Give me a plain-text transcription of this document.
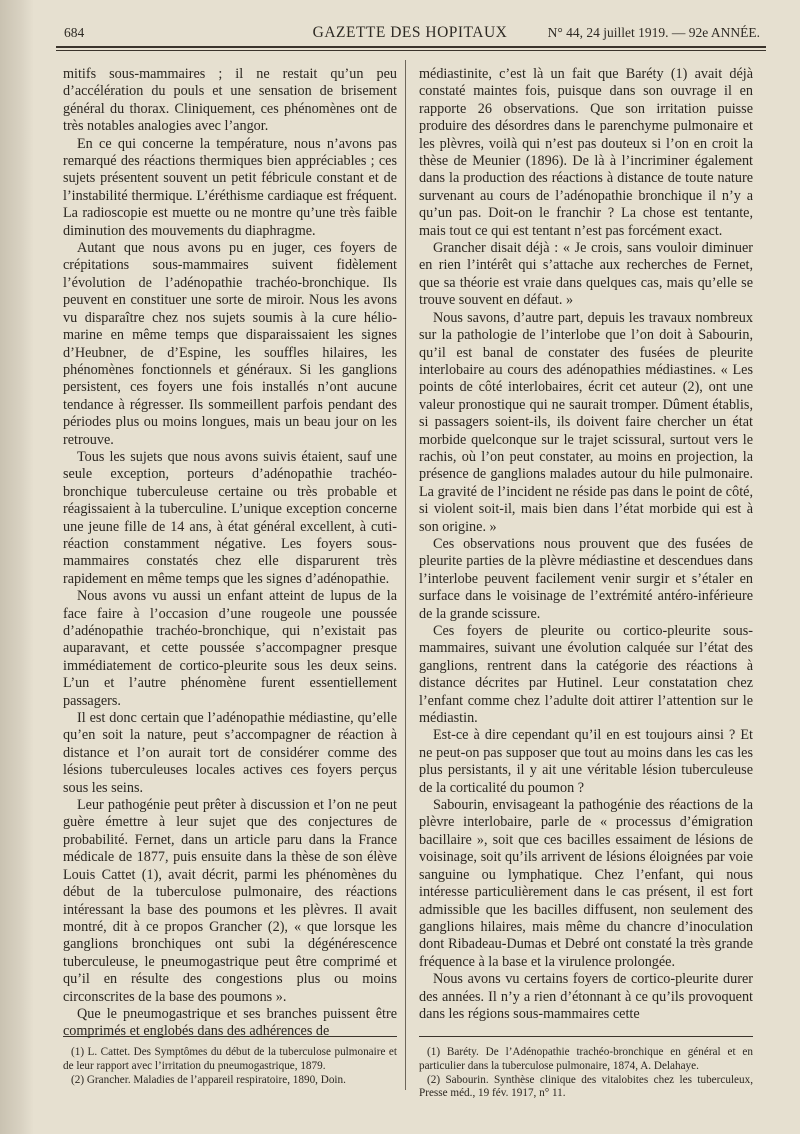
684	GAZETTE DES HOPITAUX	N° 44, 24 juillet 1919. — 92e ANNÉE.

mitifs sous-mammaires ; il ne restait qu’un peu d’accélération du pouls et une sensation de brisement général du thorax. Cliniquement, ces phénomènes ont de très notables analogies avec l’angor.

En ce qui concerne la température, nous n’avons pas remarqué des réactions thermiques bien appréciables ; ces sujets présentent souvent un petit fébricule constant et de l’instabilité thermique. L’éréthisme cardiaque est fréquent. La radioscopie est muette ou ne montre qu’une très faible diminution des mouvements du diaphragme.

Autant que nous avons pu en juger, ces foyers de crépitations sous-mammaires suivent fidèlement l’évolution de l’adénopathie trachéo-bronchique. Ils peuvent en constituer une sorte de miroir. Nous les avons vu disparaître chez nos sujets soumis à la cure hélio-marine en même temps que disparaissaient les signes d’Heubner, de d’Espine, les souffles hilaires, les phénomènes fonctionnels et généraux. Si les ganglions persistent, ces foyers une fois installés n’ont aucune tendance à régresser. Ils sommeillent parfois pendant des périodes plus ou moins longues, mais un beau jour on les retrouve.

Tous les sujets que nous avons suivis étaient, sauf une seule exception, porteurs d’adénopathie trachéo-bronchique tuberculeuse certaine ou très probable et réagissaient à la tuberculine. L’unique exception concerne une jeune fille de 14 ans, à état général excellent, à cuti-réaction constamment négative. Les foyers sous-mammaires constatés chez elle disparurent très rapidement en même temps que les signes d’adénopathie.

Nous avons vu aussi un enfant atteint de lupus de la face faire à l’occasion d’une rougeole une poussée d’adénopathie trachéo-bronchique, qui n’existait pas auparavant, et cette poussée s’accompagner presque immédiatement de cortico-pleurite sous les deux seins. L’un et l’autre phénomène furent essentiellement passagers.

Il est donc certain que l’adénopathie médiastine, qu’elle qu’en soit la nature, peut s’accompagner de réaction à distance et l’on aurait tort de considérer comme des lésions tuberculeuses locales actives ces foyers perçus sous les seins.

Leur pathogénie peut prêter à discussion et l’on ne peut guère émettre à leur sujet que des conjectures de probabilité. Fernet, dans un article paru dans la France médicale de 1877, puis ensuite dans la thèse de son élève Louis Cattet (1), avait décrit, parmi les phénomènes du début de la tuberculose pulmonaire, des réactions intéressant la base des poumons et les plèvres. Il avait montré, dit à ce propos Grancher (2), « que lorsque les ganglions bronchiques ont subi la dégénérescence tuberculeuse, le pneumogastrique peut être comprimé et qu’il en résulte des congestions plus ou moins circonscrites de la base des poumons ».

Que le pneumogastrique et ses branches puissent être comprimés et englobés dans des adhérences de

médiastinite, c’est là un fait que Baréty (1) avait déjà constaté maintes fois, puisque dans son ouvrage il en rapporte 26 observations. Que son irritation puisse produire des désordres dans le parenchyme pulmonaire et les plèvres, voilà qui n’est pas douteux si l’on en croit la thèse de Meunier (1896). De là à l’incriminer également dans la production des réactions à distance de toute nature survenant au cours de l’adénopathie bronchique il n’y a qu’un pas. Doit-on le franchir ? La chose est tentante, mais tout ce qui est tentant n’est pas forcément exact.

Grancher disait déjà : « Je crois, sans vouloir diminuer en rien l’intérêt qui s’attache aux recherches de Fernet, que sa théorie est vraie dans quelques cas, mais qu’elle se trouve souvent en défaut. »

Nous savons, d’autre part, depuis les travaux nombreux sur la pathologie de l’interlobe que l’on doit à Sabourin, qu’il est banal de constater des fusées de pleurite interlobaire au cours des adénopathies médiastines. « Les points de côté interlobaires, écrit cet auteur (2), ont une valeur pronostique qui ne saurait tromper. Dûment établis, si passagers soient-ils, ils doivent faire chercher un état morbide quelconque sur le trajet scissural, surtout vers le rachis, où l’on peut constater, au moins en projection, la présence de ganglions malades autour du hile pulmonaire. La gravité de l’incident ne réside pas dans le point de côté, si violent soit-il, mais bien dans l’état morbide qui est à son origine. »

Ces observations nous prouvent que des fusées de pleurite parties de la plèvre médiastine et descendues dans l’interlobe peuvent facilement venir surgir et s’étaler en surface dans le voisinage de l’extrémité antéro-inférieure de la grande scissure.

Ces foyers de pleurite ou cortico-pleurite sous-mammaires, suivant une évolution calquée sur l’état des ganglions, rentrent dans la catégorie des réactions à distance décrites par Hutinel. Leur constatation chez l’enfant comme chez l’adulte doit attirer l’attention sur le médiastin.

Est-ce à dire cependant qu’il en est toujours ainsi ? Et ne peut-on pas supposer que tout au moins dans les cas les plus persistants, il y ait une véritable lésion tuberculeuse de la corticalité du poumon ?

Sabourin, envisageant la pathogénie des réactions de la plèvre interlobaire, parle de « processus d’émigration bacillaire », soit que ces bacilles essaiment de lésions de voisinage, soit qu’ils arrivent de lésions éloignées par voie sanguine ou lymphatique. Chez l’enfant, qui nous intéresse particulièrement dans le cas présent, il est fort admissible que les bacilles diffusent, non seulement des ganglions hilaires, mais même du chancre d’inoculation dont Ribadeau-Dumas et Debré ont constaté la très grande fréquence à la base et la virulence prolongée.

Nous avons vu certains foyers de cortico-pleurite durer des années. Il n’y a rien d’étonnant à ce qu’ils provoquent dans les régions sous-mammaires cette

(1) L. Cattet. Des Symptômes du début de la tuberculose pulmonaire et de leur rapport avec l’irritation du pneumogastrique, 1879.

(2) Grancher. Maladies de l’appareil respiratoire, 1890, Doin.

(1) Baréty. De l’Adénopathie trachéo-bronchique en général et en particulier dans la tuberculose pulmonaire, 1874, A. Delahaye.

(2) Sabourin. Synthèse clinique des vitalobites chez les tuberculeux, Presse méd., 19 fév. 1917, n° 11.
